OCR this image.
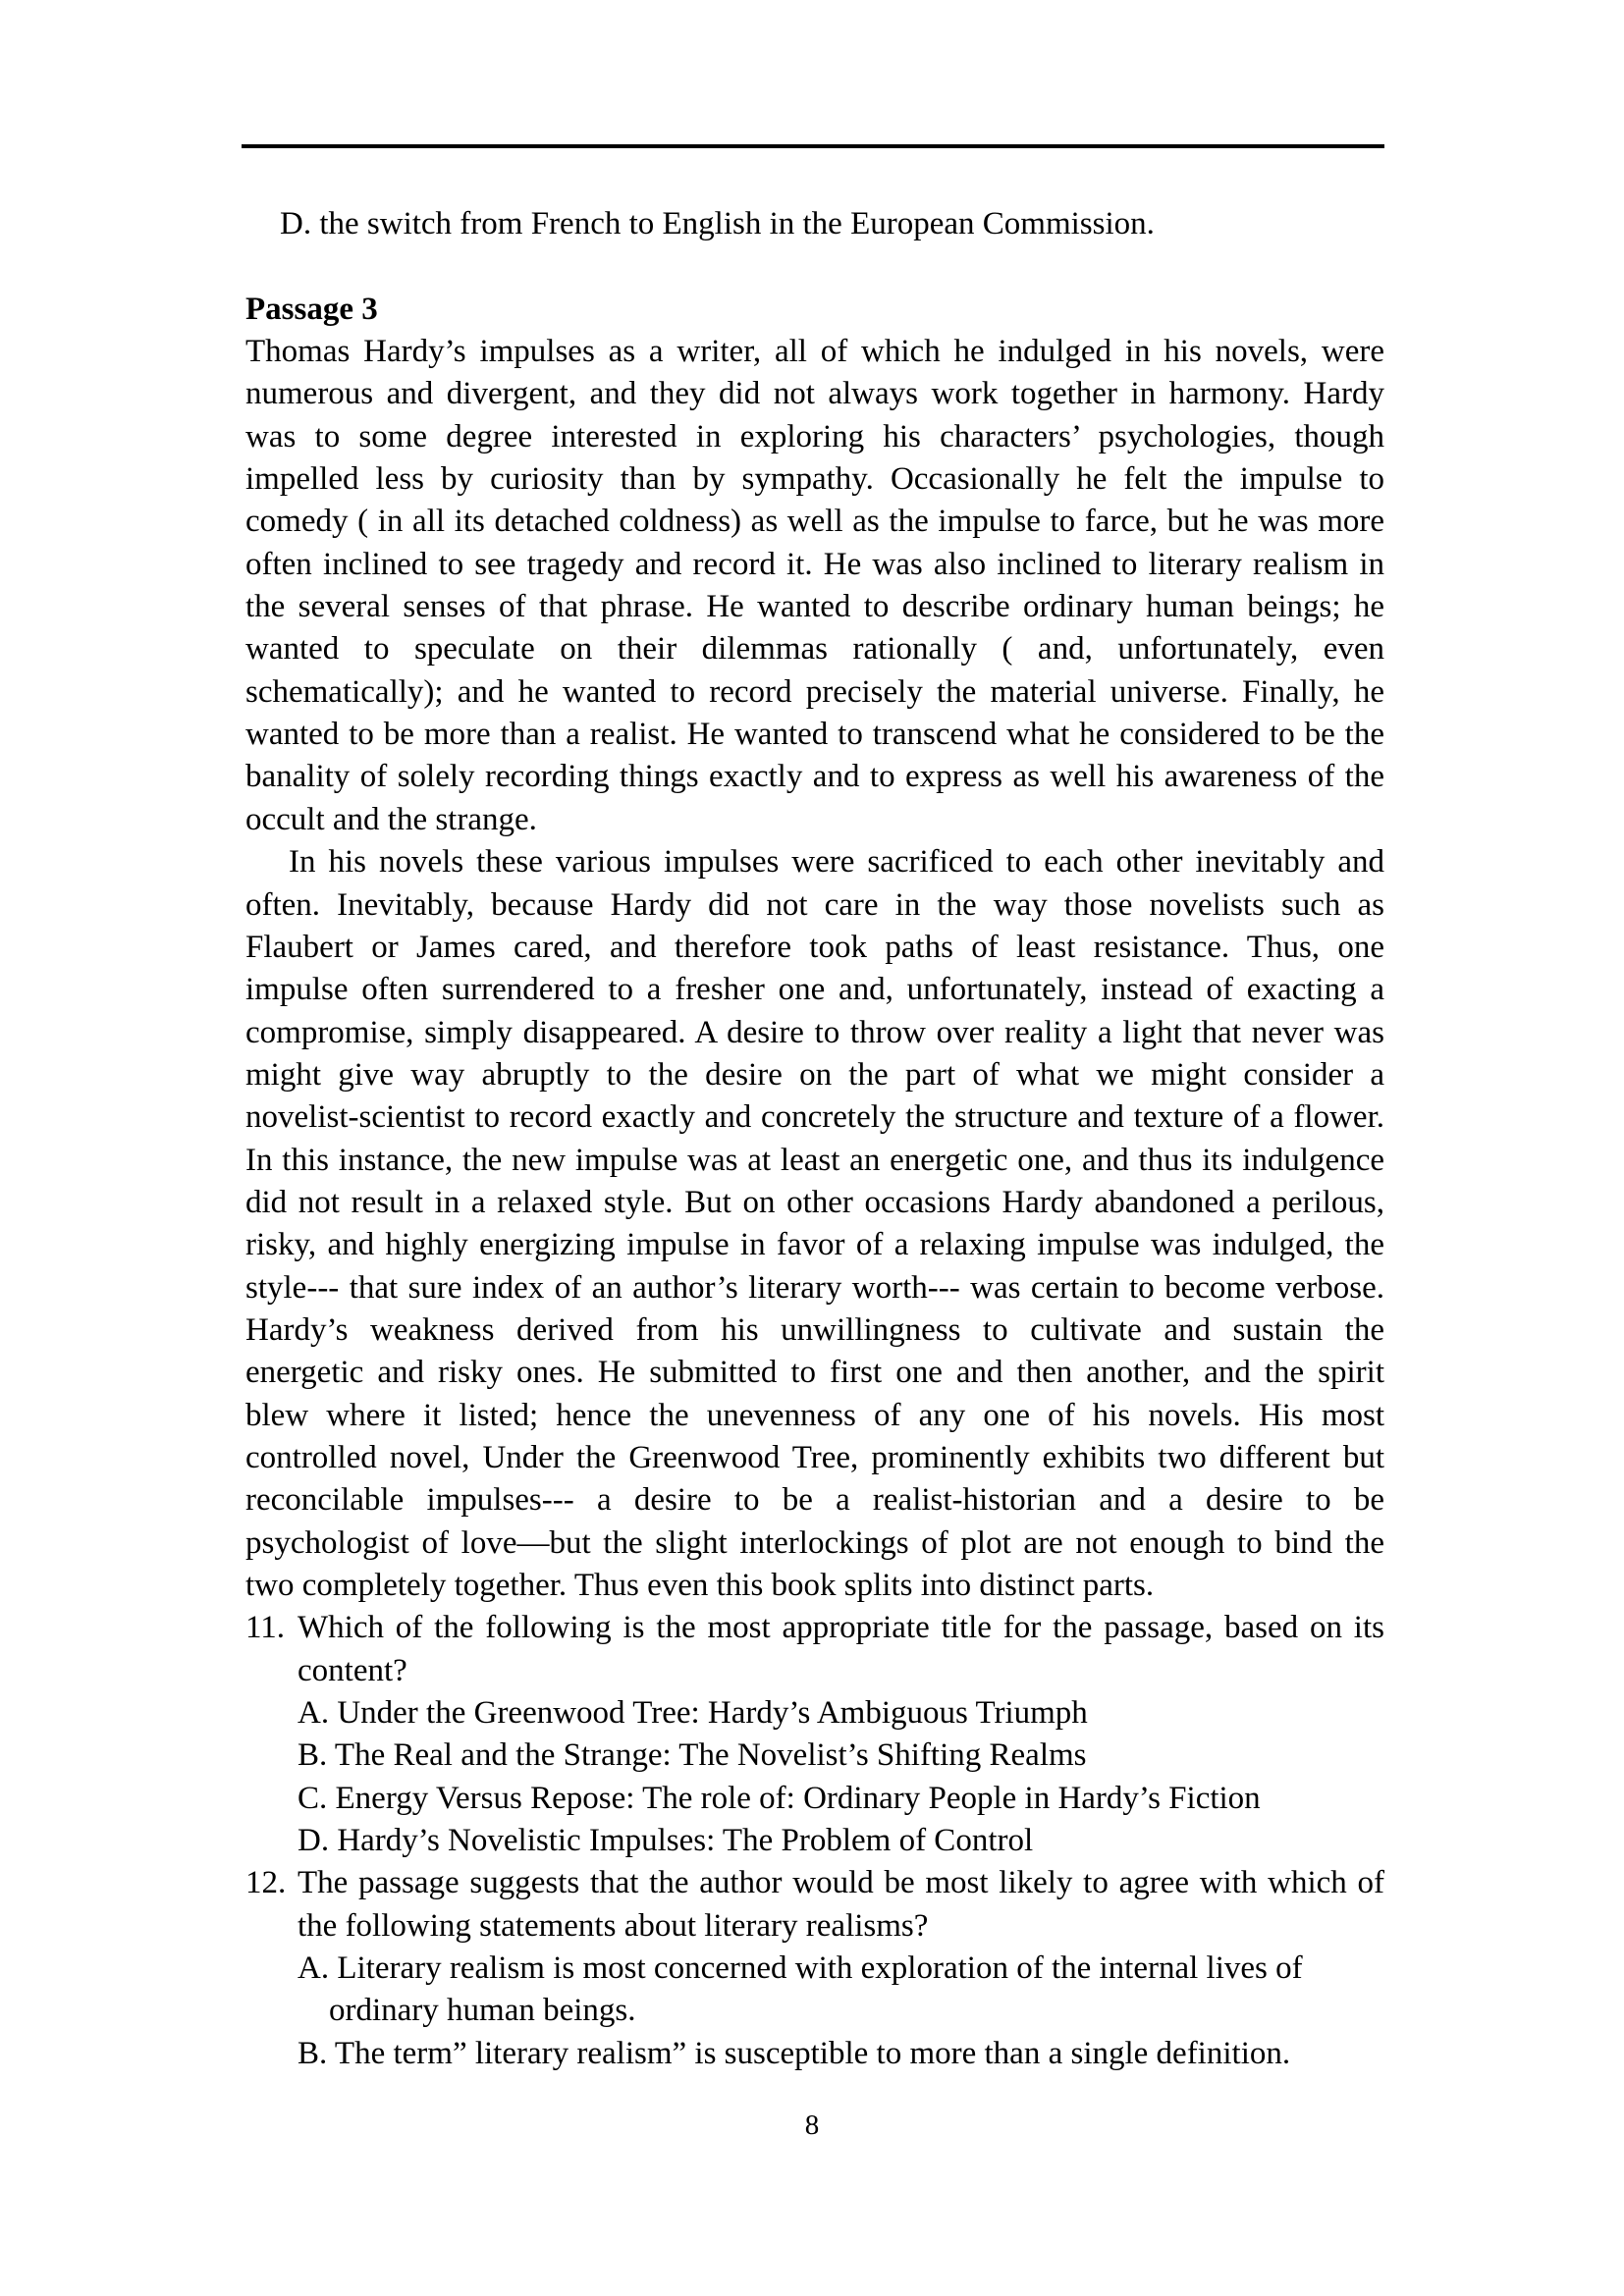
D. the switch from French to English in the European Commission.
Passage 3
Thomas Hardy’s impulses as a writer, all of which he indulged in his novels, were
numerous and divergent, and they did not always work together in harmony. Hardy
was to some degree interested in exploring his characters’ psychologies, though
impelled less by curiosity than by sympathy. Occasionally he felt the impulse to
comedy ( in all its detached coldness) as well as the impulse to farce, but he was more
often inclined to see tragedy and record it. He was also inclined to literary realism in
the several senses of that phrase. He wanted to describe ordinary human beings; he
wanted to speculate on their dilemmas rationally ( and, unfortunately, even
schematically); and he wanted to record precisely the material universe. Finally, he
wanted to be more than a realist. He wanted to transcend what he considered to be the
banality of solely recording things exactly and to express as well his awareness of the
occult and the strange.
In his novels these various impulses were sacrificed to each other inevitably and
often. Inevitably, because Hardy did not care in the way those novelists such as
Flaubert or James cared, and therefore took paths of least resistance. Thus, one
impulse often surrendered to a fresher one and, unfortunately, instead of exacting a
compromise, simply disappeared. A desire to throw over reality a light that never was
might give way abruptly to the desire on the part of what we might consider a
novelist-scientist to record exactly and concretely the structure and texture of a flower.
In this instance, the new impulse was at least an energetic one, and thus its indulgence
did not result in a relaxed style. But on other occasions Hardy abandoned a perilous,
risky, and highly energizing impulse in favor of a relaxing impulse was indulged, the
style--- that sure index of an author’s literary worth--- was certain to become verbose.
Hardy’s weakness derived from his unwillingness to cultivate and sustain the
energetic and risky ones. He submitted to first one and then another, and the spirit
blew where it listed; hence the unevenness of any one of his novels. His most
controlled novel, Under the Greenwood Tree, prominently exhibits two different but
reconcilable impulses--- a desire to be a realist-historian and a desire to be
psychologist of love—but the slight interlockings of plot are not enough to bind the
two completely together. Thus even this book splits into distinct parts.
11. Which of the following is the most appropriate title for the passage, based on its
content?
A. Under the Greenwood Tree: Hardy’s Ambiguous Triumph
B. The Real and the Strange: The Novelist’s Shifting Realms
C. Energy Versus Repose: The role of: Ordinary People in Hardy’s Fiction
D. Hardy’s Novelistic Impulses: The Problem of Control
12. The passage suggests that the author would be most likely to agree with which of
the following statements about literary realisms?
A. Literary realism is most concerned with exploration of the internal lives of
ordinary human beings.
B. The term” literary realism” is susceptible to more than a single definition.
8
